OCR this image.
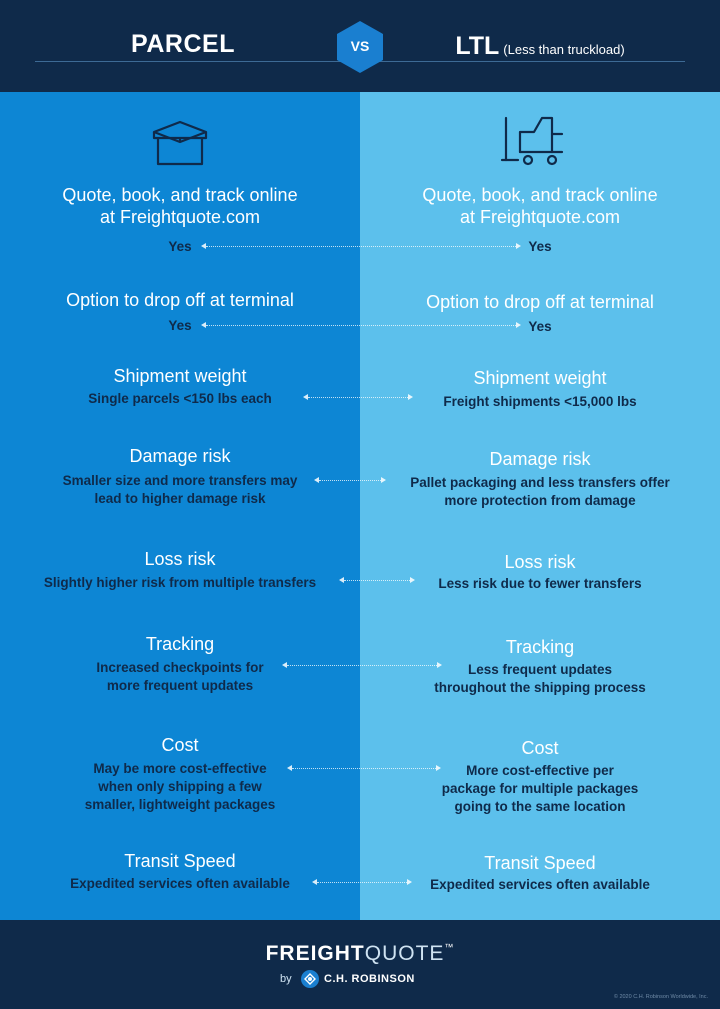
PARCEL	LTL (Less than truckload)
VS
Quote, book, and track online
at Freightquote.com
Yes
Quote, book, and track online
at Freightquote.com
Yes
Option to drop off at terminal
Yes
Option to drop off at terminal
Yes
Shipment weight
Single parcels <150 lbs each
Shipment weight
Freight shipments <15,000 lbs
Damage risk
Smaller size and more transfers may
lead to higher damage risk
Damage risk
Pallet packaging and less transfers offer
more protection from damage
Loss risk
Slightly higher risk from multiple transfers
Loss risk
Less risk due to fewer transfers
Tracking
Increased checkpoints for
more frequent updates
Tracking
Less frequent updates
throughout the shipping process
Cost
May be more cost-effective
when only shipping a few
smaller, lightweight packages
Cost
More cost-effective per
package for multiple packages
going to the same location
Transit Speed
Expedited services often available
Transit Speed
Expedited services often available
FREIGHTQUOTE™
by	C.H. ROBINSON
© 2020 C.H. Robinson Worldwide, Inc.
